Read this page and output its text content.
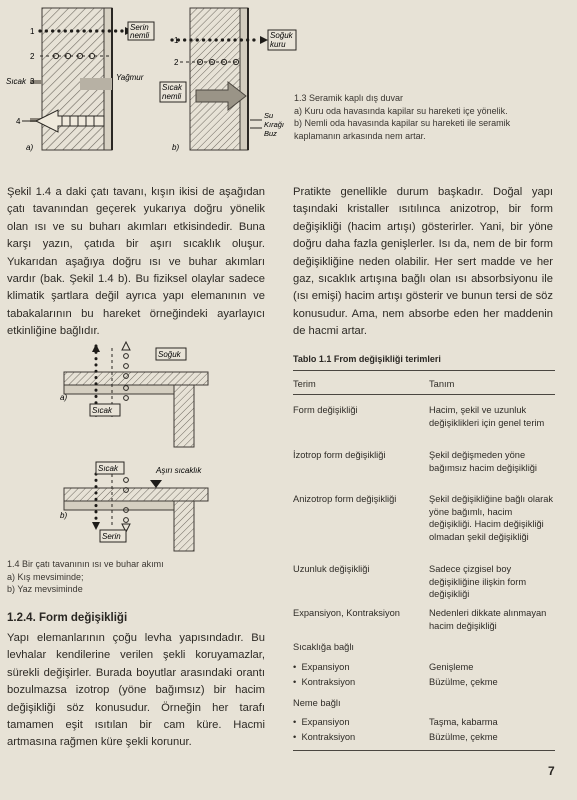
Serin
nemli
Sıcak	Yağmur
Soğuk
kuru
Sıcak
nemli
Su
Kırağı
Buz
a)	b)
1
2
3
4
1
2
1.3 Seramik kaplı dış duvar
a) Kuru oda havasında kapilar su hareketi içe yönelik.
b) Nemli oda havasında kapilar su hareketi ile seramik kaplamanın arkasında nem artar.
Şekil 1.4 a daki çatı tavanı, kışın ikisi de aşağıdan çatı tavanından geçerek yukarıya doğru yönelik olan ısı ve su buharı akımları etkisindedir. Buna karşı yazın, çatıda bir aşırı sıcaklık oluşur. Yukarıdan aşağıya doğru ısı ve buhar akımları vardır (bak. Şekil 1.4 b). Bu fiziksel olaylar sadece klimatik şartlara değil ayrıca yapı elemanının ve tabakalarının bu hareket örneğindeki ayarlayıcı etkinliğine bağlıdır.
Soğuk
Sıcak
a)
Sıcak	Aşırı sıcaklık
Serin
b)
1.4 Bir çatı tavanının ısı ve buhar akımı
a) Kış mevsiminde;
b) Yaz mevsiminde
1.2.4. Form değişikliği
Yapı elemanlarının çoğu levha yapısındadır. Bu levhalar kendilerine verilen şekli koruyamazlar, sürekli değişirler. Burada boyutlar arasındaki orantı bozulmazsa izotrop (yöne bağımsız) bir hacim değişikliği söz konusudur. Örneğin her tarafı tamamen eşit ısıtılan bir cam küre. Hacmi artmasına rağmen küre şekli korunur.
Pratikte genellikle durum başkadır. Doğal yapı taşındaki kristaller ısıtılınca anizotrop, bir form değişikliği (hacim artışı) gösterirler. Yani, bir yöne doğru daha fazla genişlerler. Isı da, nem de bir form değişikliğine neden olabilir. Her sert madde ve her gaz, sıcaklık artışına bağlı olan ısı absorbsiyonu ile (ısı emişi) hacim artışı gösterir ve bunun tersi de söz konusudur. Ama, nem absorbe eden her maddenin de hacmi artar.
Tablo 1.1 From değişikliği terimleri
Terim	Tanım
Form değişikliği	Hacim, şekil ve uzunluk değişiklikleri için genel terim
İzotrop form değişikliği	Şekil değişmeden yöne bağımsız hacim değişikliği
Anizotrop form değişikliği	Şekil değişikliğine bağlı olarak yöne bağımlı, hacim değişikliği. Hacim değişikliği olmadan şekil değişikliği
Uzunluk değişikliği	Sadece çizgisel boy değişikliğine ilişkin form değişikliği
Expansiyon, Kontraksiyon	Nedenleri dikkate alınmayan hacim değişikliği
Sıcaklığa bağlı
• Expansiyon	Genişleme
• Kontraksiyon	Büzülme, çekme
Neme bağlı
• Expansiyon	Taşma, kabarma
• Kontraksiyon	Büzülme, çekme
7
